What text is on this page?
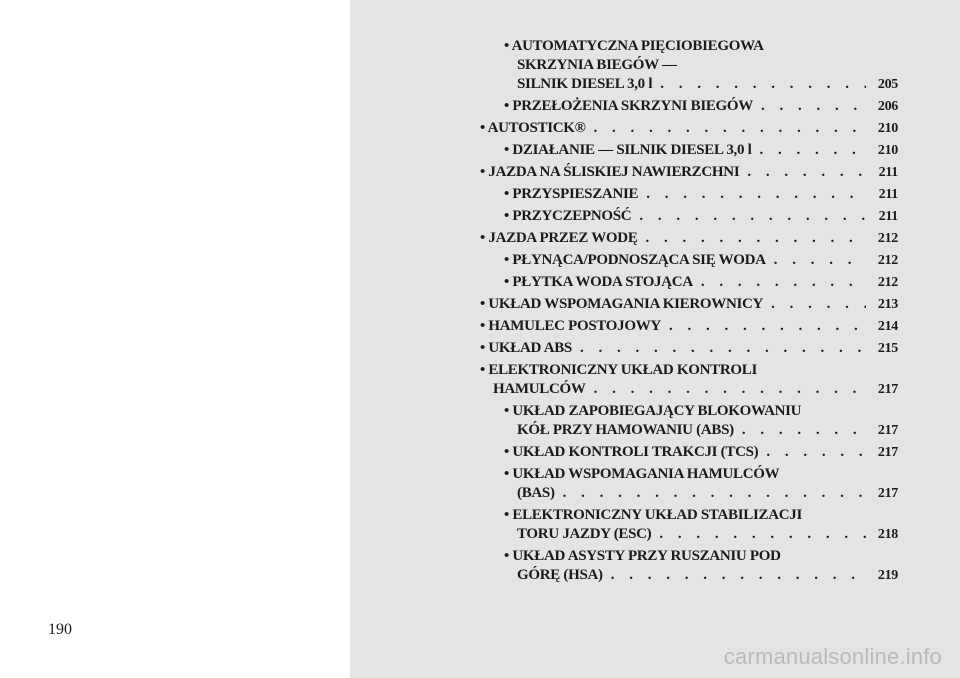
190
• AUTOMATYCZNA PIĘCIOBIEGOWA
SKRZYNIA BIEGÓW —
SILNIK DIESEL 3,0 l . . .	205
• PRZEŁOŻENIA SKRZYNI BIEGÓW . . .	206
• AUTOSTICK® . . .	210
• DZIAŁANIE — SILNIK DIESEL 3,0 l . . .	210
• JAZDA NA ŚLISKIEJ NAWIERZCHNI . . .	211
• PRZYSPIESZANIE . . .	211
• PRZYCZEPNOŚĆ . . .	211
• JAZDA PRZEZ WODĘ . . .	212
• PŁYNĄCA/PODNOSZĄCA SIĘ WODA . . .	212
• PŁYTKA WODA STOJĄCA . . .	212
• UKŁAD WSPOMAGANIA KIEROWNICY . . .	213
• HAMULEC POSTOJOWY . . .	214
• UKŁAD ABS . . .	215
• ELEKTRONICZNY UKŁAD KONTROLI
HAMULCÓW . . .	217
• UKŁAD ZAPOBIEGAJĄCY BLOKOWANIU
KÓŁ PRZY HAMOWANIU (ABS) . . .	217
• UKŁAD KONTROLI TRAKCJI (TCS) . . .	217
• UKŁAD WSPOMAGANIA HAMULCÓW
(BAS) . . .	217
• ELEKTRONICZNY UKŁAD STABILIZACJI
TORU JAZDY (ESC) . . .	218
• UKŁAD ASYSTY PRZY RUSZANIU POD
GÓRĘ (HSA) . . .	219
carmanualsonline.info
